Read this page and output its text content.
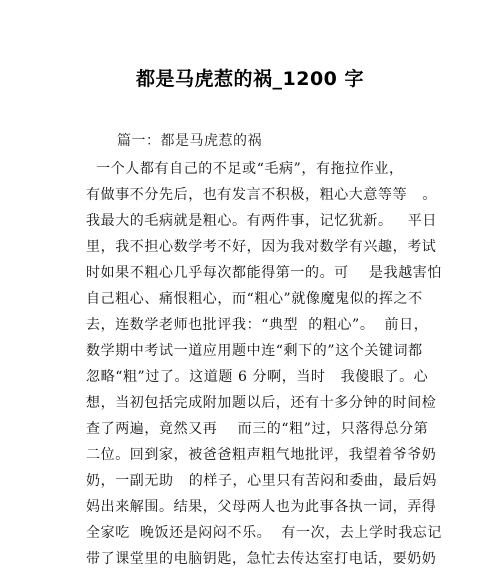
都是马虎惹的祸_1200 字
篇一：都是马虎惹的祸
一个人都有自己的不足或“毛病”，有拖拉作业，
有做事不分先后，也有发言不积极，粗心大意等等   。
我最大的毛病就是粗心。有两件事，记忆犹新。   平日
里，我不担心数学考不好，因为我对数学有兴趣，考试
时如果不粗心几乎每次都能得第一的。可    是我越害怕
自己粗心、痛恨粗心，而“粗心”就像魔鬼似的挥之不
去，连数学老师也批评我：“典型  的粗心”。  前日，
数学期中考试一道应用题中连“剩下的”这个关键词都
忽略“粗”过了。这道题 6 分啊，当时   我傻眼了。心
想，当初包括完成附加题以后，还有十多分钟的时间检
查了两遍，竟然又再    而三的“粗”过，只落得总分第
二位。回到家，被爸爸粗声粗气地批评，我望着爷爷奶
奶，一副无助   的样子，心里只有苦闷和委曲，最后妈
妈出来解围。结果，父母两人也为此事各执一词，弄得
全家吃  晚饭还是闷闷不乐。  有一次，去上学时我忘记
带了课堂里的电脑钥匙，急忙去传达室打电话，要奶奶
